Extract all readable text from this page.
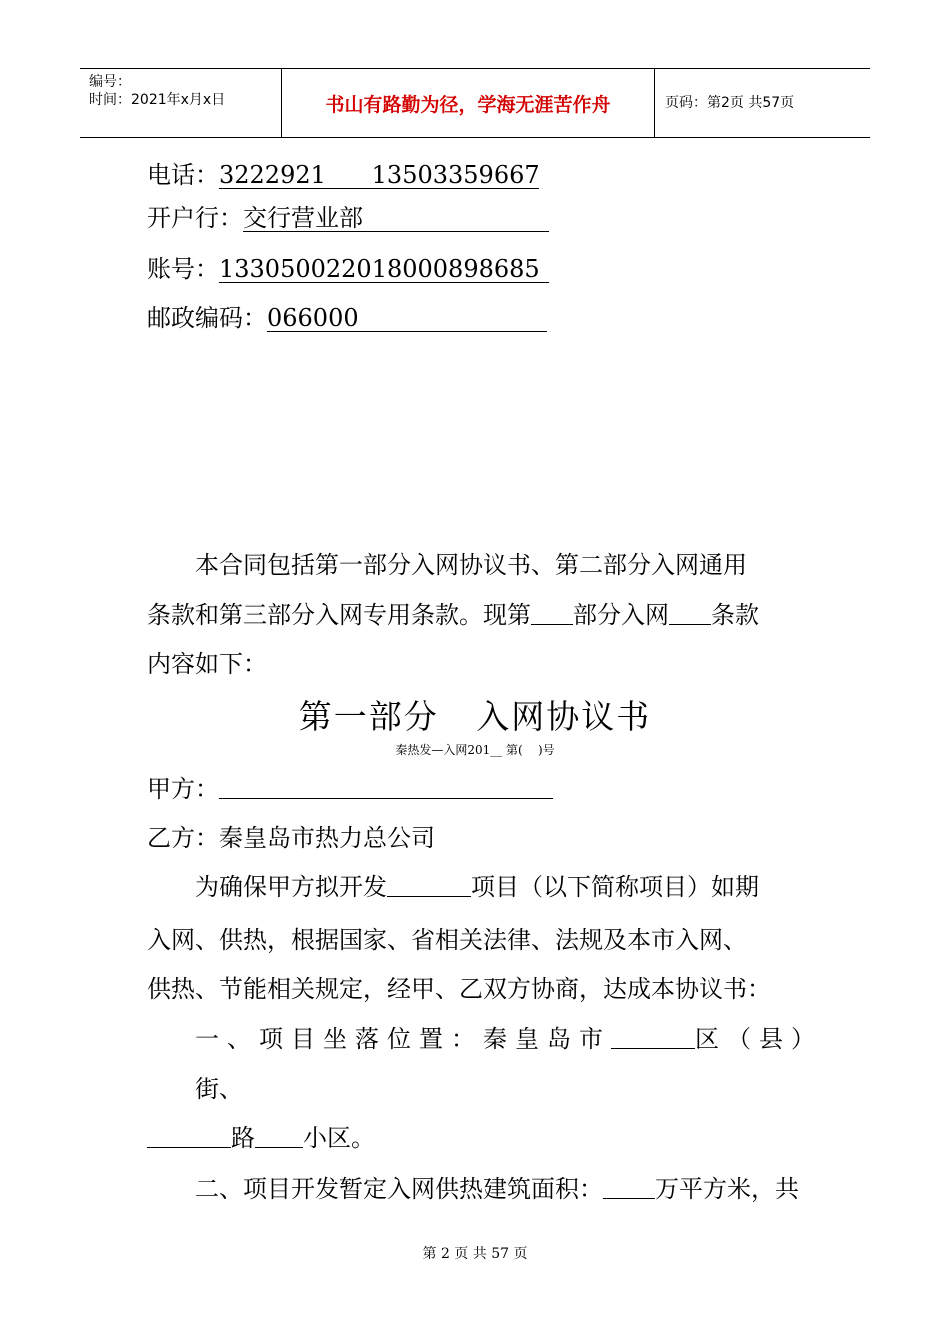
编号：
时间：2021年x月x日	书山有路勤为径，学海无涯苦作舟	页码：第2页 共57页
电话：3222921      13503359667
开户行：交行营业部
账号：13305002201800089868​5
邮政编码：066000
本合同包括第一部分入网协议书、第二部分入网通用
条款和第三部分入网专用条款。现第 部分入网 条款
内容如下：
第一部分   入网协议书
秦热发—入网201__ 第(    )号
甲方：
乙方：秦皇岛市热力总公司
为确保甲方拟开发	项目（以下简称项目）如期
入网、供热，根据国家、省相关法律、法规及本市入网、
供热、节能相关规定，经甲、乙双方协商，达成本协议书：
一、项目坐落位置：秦皇岛市	区（县）
街、
路 小区。
二、项目开发暂定入网供热建筑面积： 万平方米，共
第 2 页 共 57 页
